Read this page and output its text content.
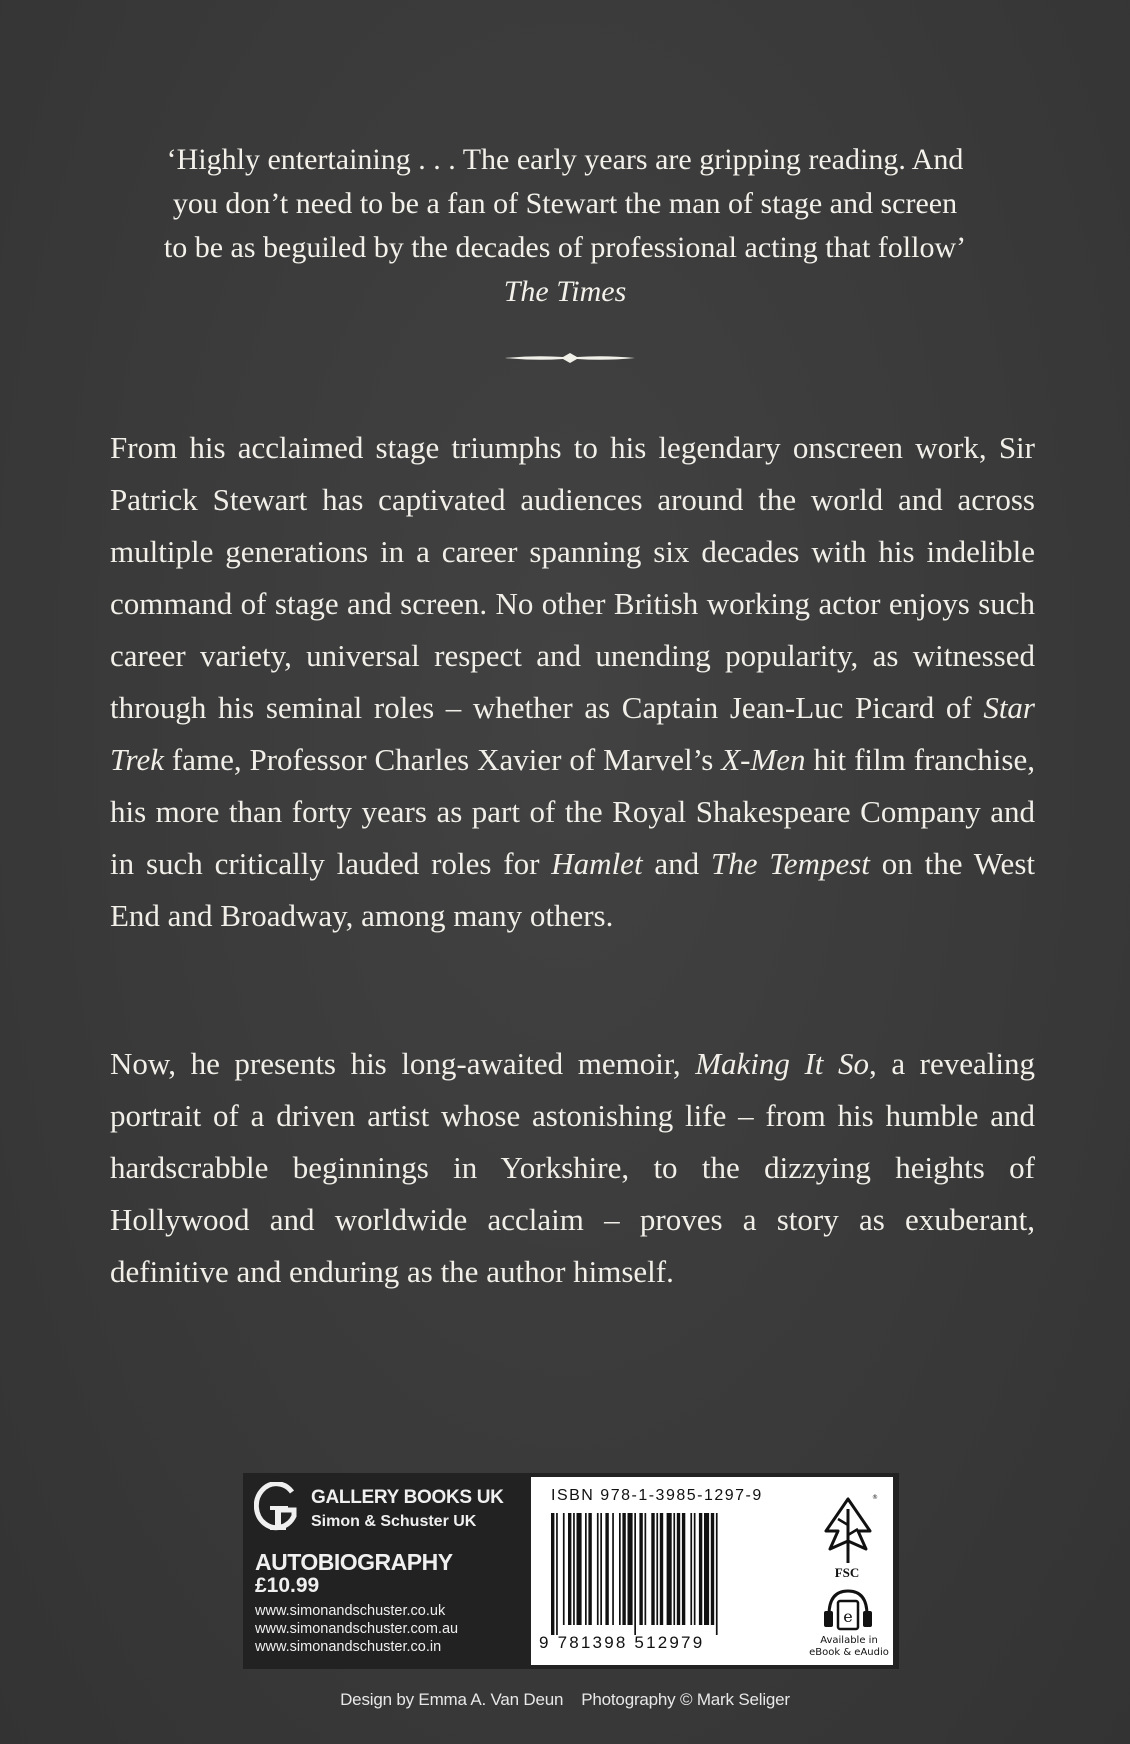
‘Highly entertaining . . . The early years are gripping reading. And
you don’t need to be a fan of Stewart the man of stage and screen
to be as beguiled by the decades of professional acting that follow’
The Times
From his acclaimed stage triumphs to his legendary onscreen work, Sir Patrick Stewart has captivated audiences around the world and across multiple generations in a career spanning six decades with his indelible command of stage and screen. No other British working actor enjoys such career variety, universal respect and unending popularity, as witnessed through his seminal roles – whether as Captain Jean-Luc Picard of Star Trek fame, Professor Charles Xavier of Marvel’s X-Men hit film franchise, his more than forty years as part of the Royal Shakespeare Company and in such critically lauded roles for Hamlet and The Tempest on the West End and Broadway, among many others.
Now, he presents his long-awaited memoir, Making It So, a revealing portrait of a driven artist whose astonishing life – from his humble and hardscrabble beginnings in Yorkshire, to the dizzying heights of Hollywood and worldwide acclaim – proves a story as exuberant, definitive and enduring as the author himself.
GALLERY BOOKS UK
Simon & Schuster UK
AUTOBIOGRAPHY
£10.99
www.simonandschuster.co.uk
www.simonandschuster.com.au
www.simonandschuster.co.in
ISBN 978-1-3985-1297-9
9 781398 512979
®
FSC
e
Available in
eBook & eAudio
Design by Emma A. Van Deun Photography © Mark Seliger
